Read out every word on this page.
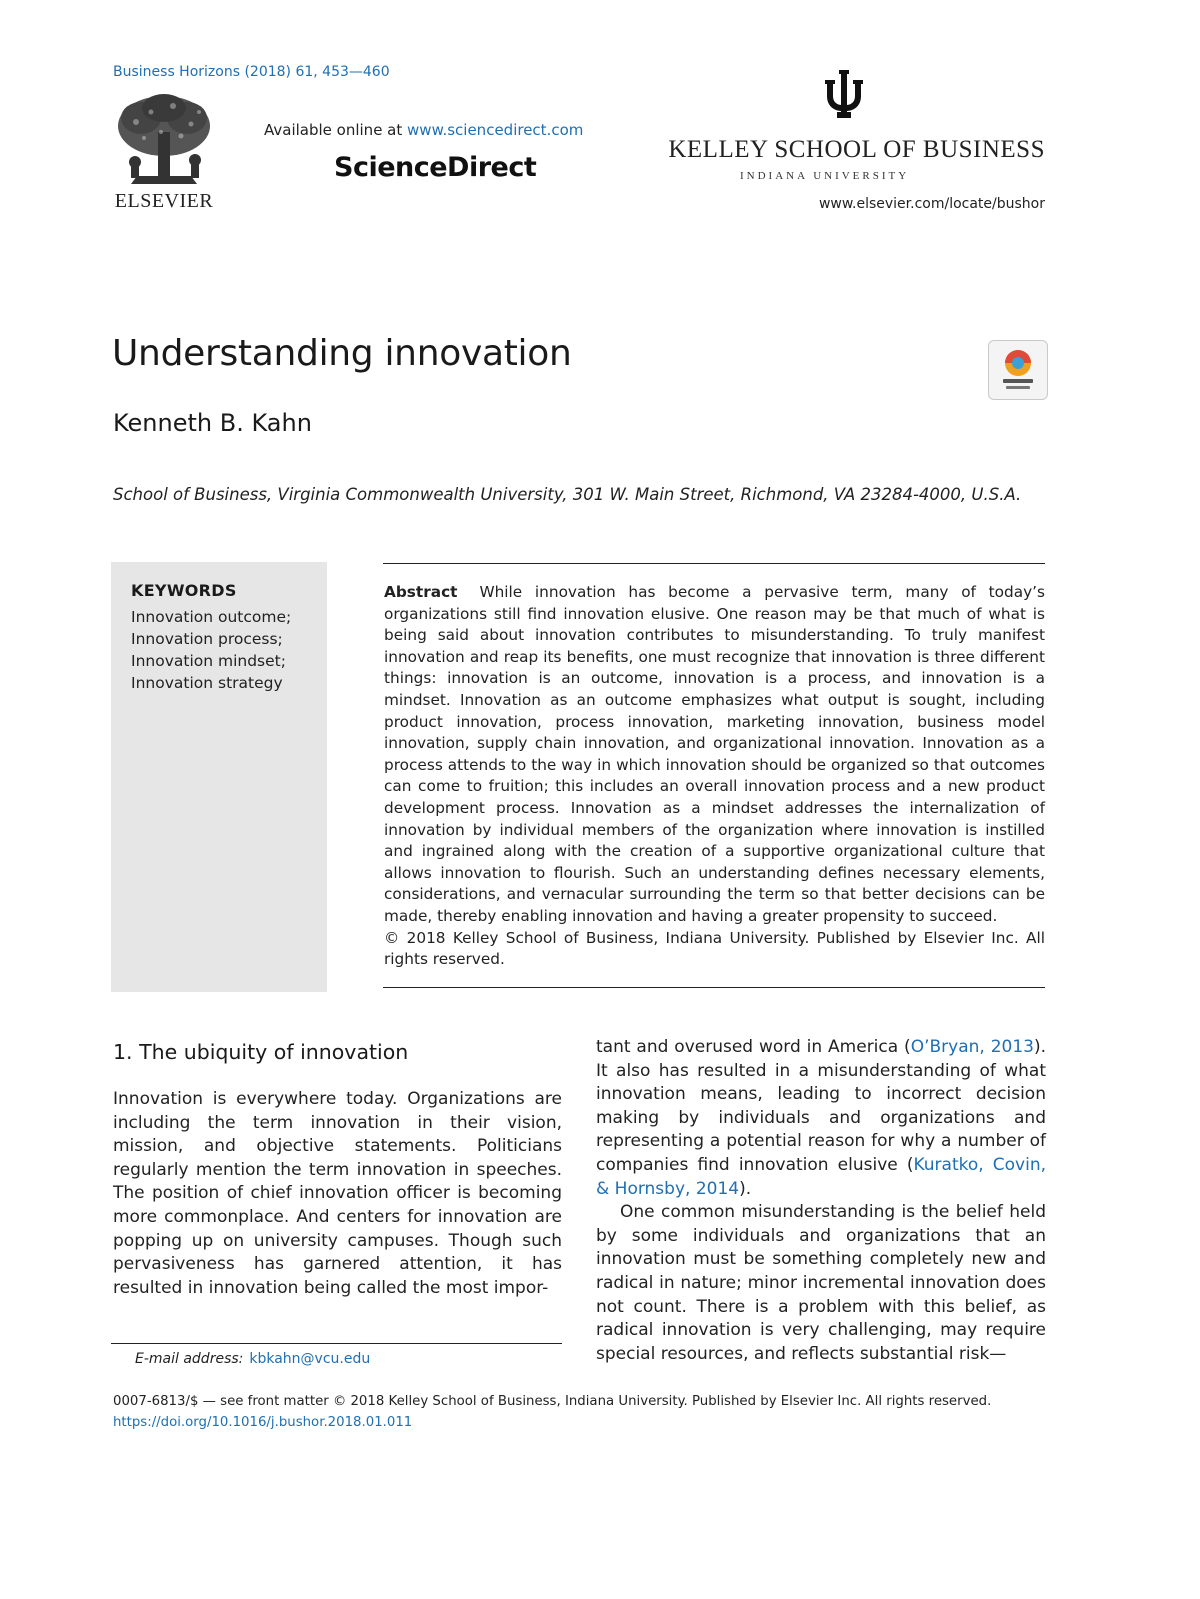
Business Horizons (2018) 61, 453—460
ELSEVIER
Available online at www.sciencedirect.com
ScienceDirect
KELLEY SCHOOL OF BUSINESS
INDIANA UNIVERSITY
www.elsevier.com/locate/bushor
Understanding innovation
Kenneth B. Kahn
School of Business, Virginia Commonwealth University, 301 W. Main Street, Richmond, VA 23284-4000, U.S.A.
KEYWORDS
Innovation outcome;
Innovation process;
Innovation mindset;
Innovation strategy

Abstract While innovation has become a pervasive term, many of today’s organizations still find innovation elusive. One reason may be that much of what is being said about innovation contributes to misunderstanding. To truly manifest innovation and reap its benefits, one must recognize that innovation is three different things: innovation is an outcome, innovation is a process, and innovation is a mindset. Innovation as an outcome emphasizes what output is sought, including product innovation, process innovation, marketing innovation, business model innovation, supply chain innovation, and organizational innovation. Innovation as a process attends to the way in which innovation should be organized so that outcomes can come to fruition; this includes an overall innovation process and a new product development process. Innovation as a mindset addresses the internalization of innovation by individual members of the organization where innovation is instilled and ingrained along with the creation of a supportive organizational culture that allows innovation to flourish. Such an understanding defines necessary elements, considerations, and vernacular surrounding the term so that better decisions can be made, thereby enabling innovation and having a greater propensity to succeed.
© 2018 Kelley School of Business, Indiana University. Published by Elsevier Inc. All rights reserved.

1. The ubiquity of innovation

Innovation is everywhere today. Organizations are including the term innovation in their vision, mission, and objective statements. Politicians regularly mention the term innovation in speeches. The position of chief innovation officer is becoming more commonplace. And centers for innovation are popping up on university campuses. Though such pervasiveness has garnered attention, it has resulted in innovation being called the most impor-

tant and overused word in America (O’Bryan, 2013). It also has resulted in a misunderstanding of what innovation means, leading to incorrect decision making by individuals and organizations and representing a potential reason for why a number of companies find innovation elusive (Kuratko, Covin, & Hornsby, 2014).

One common misunderstanding is the belief held by some individuals and organizations that an innovation must be something completely new and radical in nature; minor incremental innovation does not count. There is a problem with this belief, as radical innovation is very challenging, may require special resources, and reflects substantial risk—

E-mail address: kbkahn@vcu.edu
0007-6813/$ — see front matter © 2018 Kelley School of Business, Indiana University. Published by Elsevier Inc. All rights reserved.
https://doi.org/10.1016/j.bushor.2018.01.011
